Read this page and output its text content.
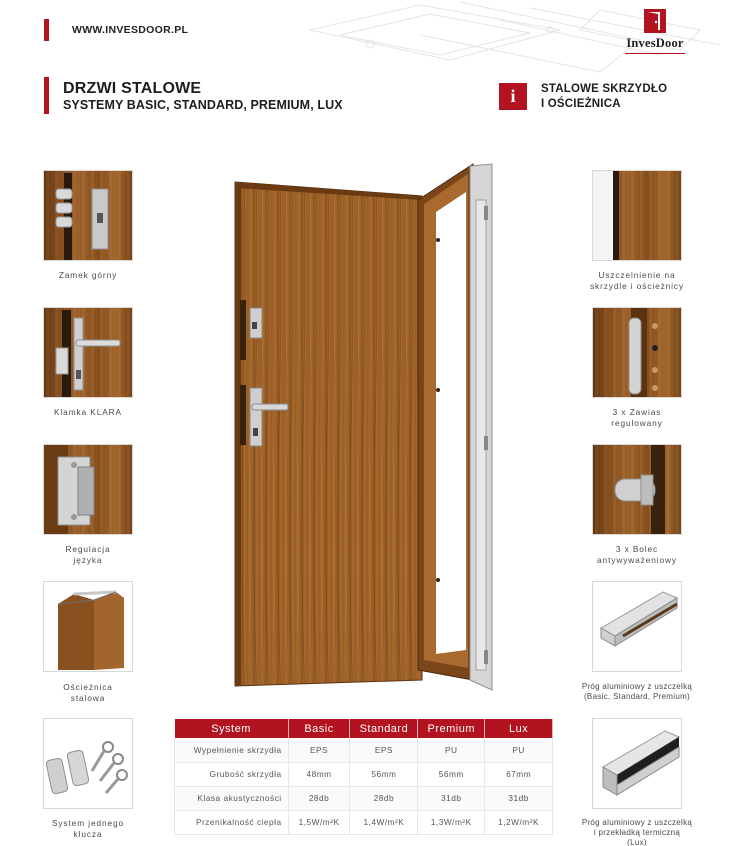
WWW.INVESDOOR.PL
InvesDoor
DRZWI STALOWE
SYSTEMY BASIC, STANDARD, PREMIUM, LUX	i	STALOWE SKRZYDŁO
I OŚCIEŻNICA
Zamek górny
Klamka KLARA
Regulacja
języka
Ościeżnica
stalowa
System jednego
klucza
Uszczelnienie na
skrzydle i ościeżnicy
3 x Zawias
regulowany
3 x Bolec
antywyważeniowy
Próg aluminiowy z uszczelką
(Basic, Standard, Premium)
Próg aluminiowy z uszczelką
i przekładką termiczną
(Lux)
System	Basic	Standard	Premium	Lux
Wypełnienie skrzydła	EPS	EPS	PU	PU
Grubość skrzydła	48mm	56mm	56mm	67mm
Klasa akustyczności	28db	28db	31db	31db
Przenikalność ciepła	1,5W/m²K	1,4W/m²K	1,3W/m²K	1,2W/m²K
